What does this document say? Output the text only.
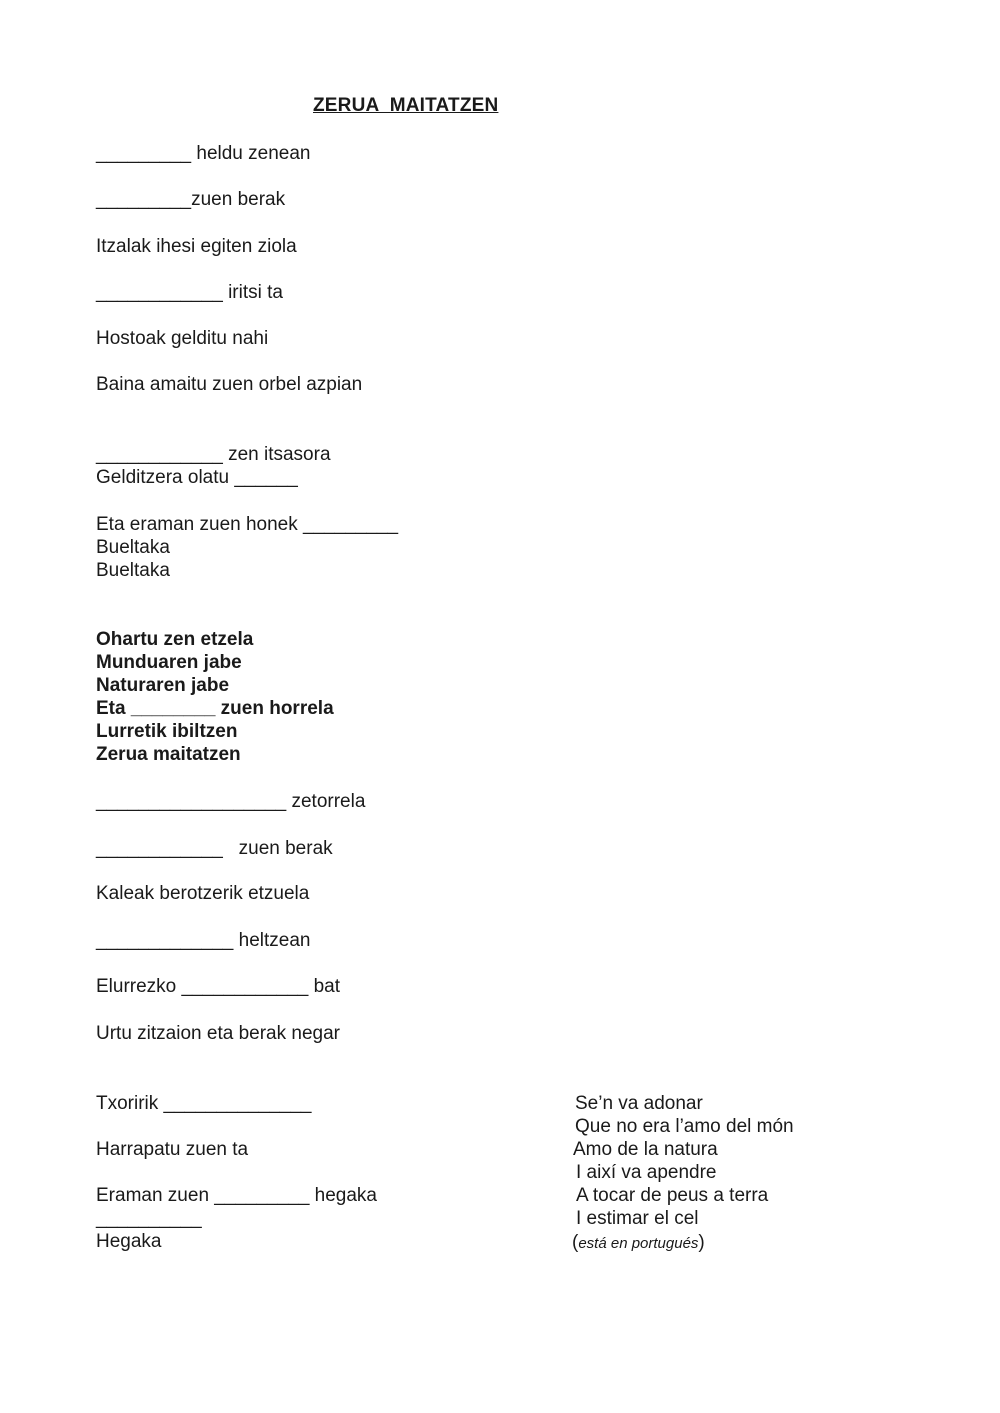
ZERUA  MAITATZEN
_________ heldu zenean
_________zuen berak
Itzalak ihesi egiten ziola
____________ iritsi ta
Hostoak gelditu nahi
Baina amaitu zuen orbel azpian
____________ zen itsasora
Gelditzera olatu ______
Eta eraman zuen honek _________
Bueltaka
Bueltaka
Ohartu zen etzela
Munduaren jabe
Naturaren jabe
Eta ________ zuen horrela
Lurretik ibiltzen
Zerua maitatzen
__________________ zetorrela
____________   zuen berak
Kaleak berotzerik etzuela
_____________ heltzean
Elurrezko ____________ bat
Urtu zitzaion eta berak negar
Txoririk ______________
Harrapatu zuen ta
Eraman zuen _________ hegaka
__________
Hegaka
Se’n va adonar
Que no era l’amo del món
Amo de la natura
I així va apendre
A tocar de peus a terra
I estimar el cel
(está en portugués)
